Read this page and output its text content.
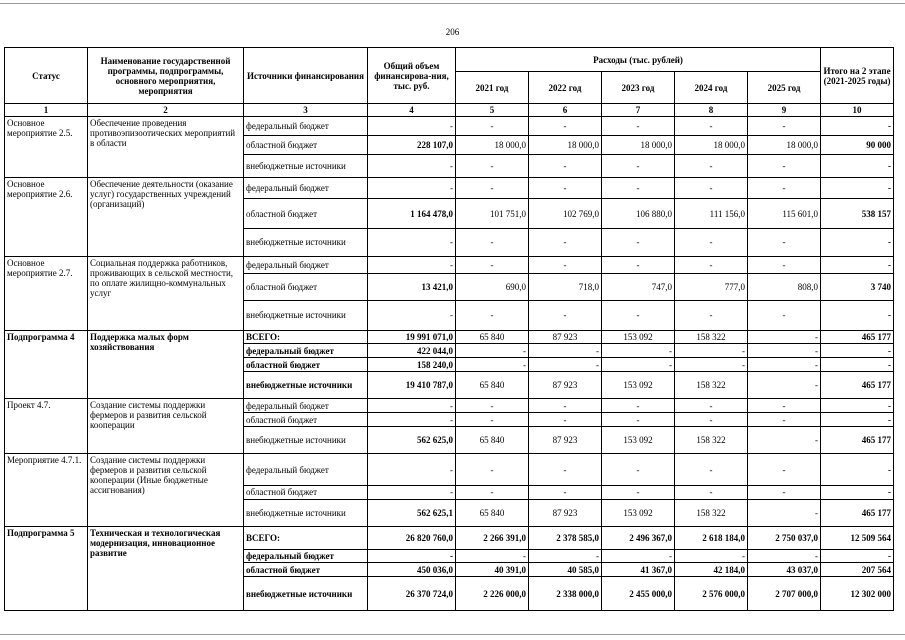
206
Статус	Наименование государственной программы, подпрограммы, основного мероприятия, мероприятия	Источники финансирования	Общий объем финансирова-ния, тыс. руб.	Расходы (тыс. рублей)					Итого на 2 этапе (2021-2025 годы)
				2021 год	2022 год	2023 год	2024 год	2025 год	
1	2	3	4	5	6	7	8	9	10
Основное мероприятие 2.5.	Обеспечение проведения противоэпизоотических мероприятий в области	федеральный бюджет	-	-	-	-	-	-	-
		областной бюджет	228 107,0	18 000,0	18 000,0	18 000,0	18 000,0	18 000,0	90 000
		внебюджетные источники	-	-	-	-	-	-	-
Основное мероприятие 2.6.	Обеспечение деятельности (оказание услуг) государственных учреждений (организаций)	федеральный бюджет	-	-	-	-	-	-	-
		областной бюджет	1 164 478,0	101 751,0	102 769,0	106 880,0	111 156,0	115 601,0	538 157
		внебюджетные источники	-	-	-	-	-	-	-
Основное мероприятие 2.7.	Социальная поддержка работников, проживающих в сельской местности, по оплате жилищно-коммунальных услуг	федеральный бюджет	-	-	-	-	-	-	-
		областной бюджет	13 421,0	690,0	718,0	747,0	777,0	808,0	3 740
		внебюджетные источники	-	-	-	-	-	-	-
Подпрограмма 4	Поддержка малых форм хозяйствования	ВСЕГО:	19 991 071,0	65 840	87 923	153 092	158 322	-	465 177
		федеральный бюджет	422 044,0	-	-	-	-	-	-
		областной бюджет	158 240,0	-	-	-	-	-	-
		внебюджетные источники	19 410 787,0	65 840	87 923	153 092	158 322	-	465 177
Проект 4.7.	Создание системы поддержки фермеров и развития сельской кооперации	федеральный бюджет	-	-	-	-	-	-	-
		областной бюджет	-	-	-	-	-	-	-
		внебюджетные источники	562 625,0	65 840	87 923	153 092	158 322	-	465 177
Мероприятие 4.7.1.	Создание системы поддержки фермеров и развития сельской кооперации (Иные бюджетные ассигнования)	федеральный бюджет	-	-	-	-	-	-	-
		областной бюджет	-	-	-	-	-	-	-
		внебюджетные источники	562 625,1	65 840	87 923	153 092	158 322	-	465 177
Подпрограмма 5	Техническая и технологическая модернизация, инновационное развитие	ВСЕГО:	26 820 760,0	2 266 391,0	2 378 585,0	2 496 367,0	2 618 184,0	2 750 037,0	12 509 564
		федеральный бюджет	-	-	-	-	-	-	-
		областной бюджет	450 036,0	40 391,0	40 585,0	41 367,0	42 184,0	43 037,0	207 564
		внебюджетные источники	26 370 724,0	2 226 000,0	2 338 000,0	2 455 000,0	2 576 000,0	2 707 000,0	12 302 000
